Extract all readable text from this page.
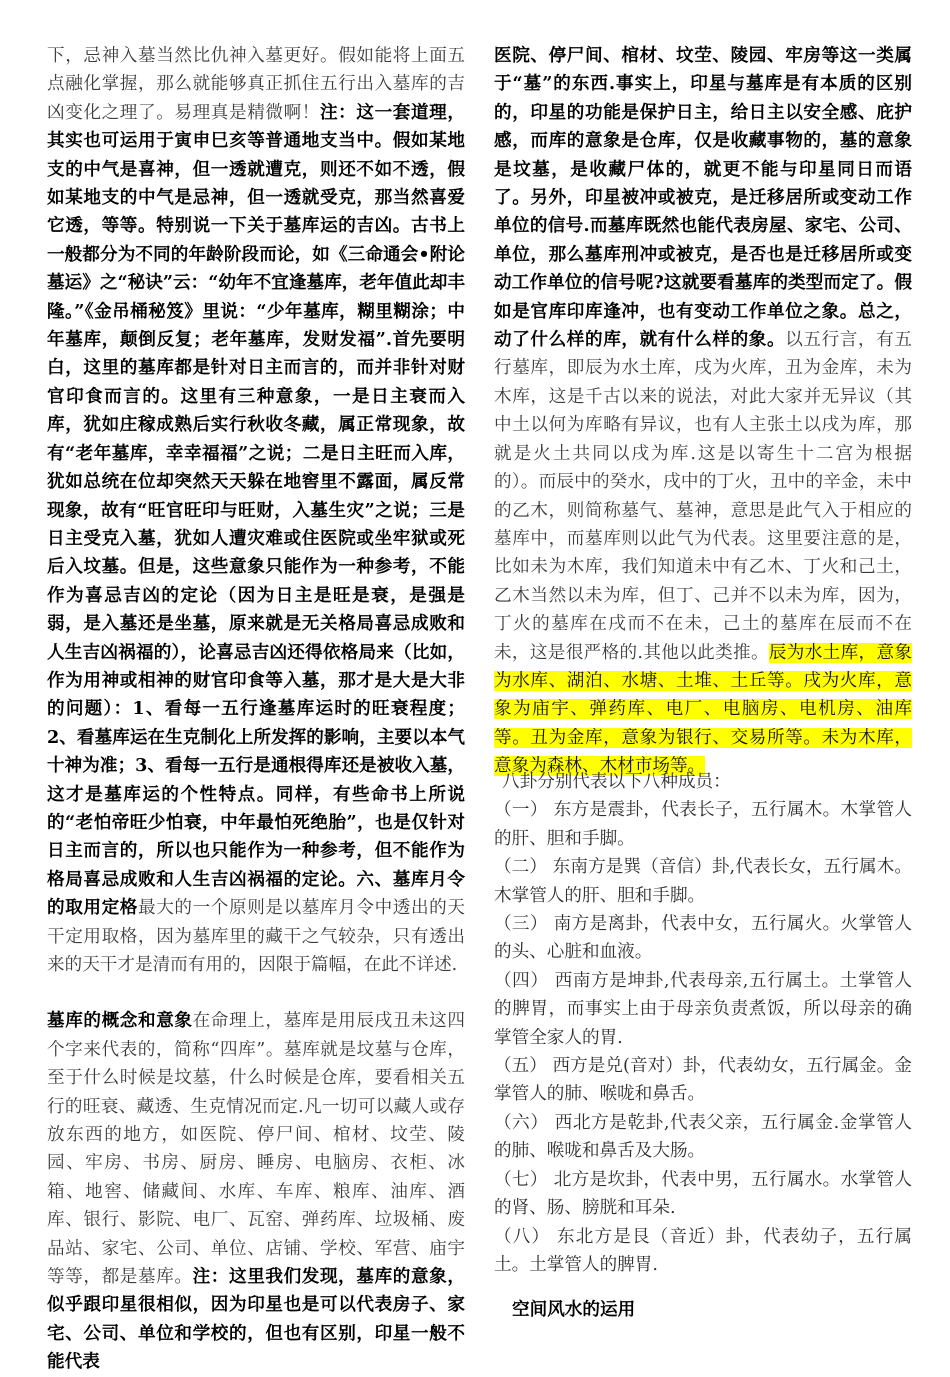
下，忌神入墓当然比仇神入墓更好。假如能将上面五点融化掌握，那么就能够真正抓住五行出入墓库的吉凶变化之理了。易理真是精微啊！注：这一套道理，其实也可运用于寅申巳亥等普通地支当中。假如某地支的中气是喜神，但一透就遭克，则还不如不透，假如某地支的中气是忌神，但一透就受克，那当然喜爱它透，等等。特别说一下关于墓库运的吉凶。古书上一般都分为不同的年龄阶段而论，如《三命通会•附论墓运》之“秘诀”云：“幼年不宜逢墓库，老年值此却丰隆。”《金吊桶秘笈》里说：“少年墓库，糊里糊涂；中年墓库，颠倒反复；老年墓库，发财发福”.首先要明白，这里的墓库都是针对日主而言的，而并非针对财官印食而言的。这里有三种意象，一是日主衰而入库，犹如庄稼成熟后实行秋收冬藏，属正常现象，故有“老年墓库，幸幸福福”之说；二是日主旺而入库，犹如总统在位却突然天天躲在地窖里不露面，属反常现象，故有“旺官旺印与旺财，入墓生灾”之说；三是日主受克入墓，犹如人遭灾难或住医院或坐牢狱或死后入坟墓。但是，这些意象只能作为一种参考，不能作为喜忌吉凶的定论（因为日主是旺是衰，是强是弱，是入墓还是坐墓，原来就是无关格局喜忌成败和人生吉凶祸福的），论喜忌吉凶还得依格局来（比如，作为用神或相神的财官印食等入墓，那才是大是大非的问题）：1、看每一五行逢墓库运时的旺衰程度；2、看墓库运在生克制化上所发挥的影响，主要以本气十神为准；3、看每一五行是通根得库还是被收入墓，这才是墓库运的个性特点。同样，有些命书上所说的“老怕帝旺少怕衰，中年最怕死绝胎”，也是仅针对日主而言的，所以也只能作为一种参考，但不能作为格局喜忌成败和人生吉凶祸福的定论。六、墓库月令的取用定格最大的一个原则是以墓库月令中透出的天干定用取格，因为墓库里的藏干之气较杂，只有透出来的天干才是清而有用的，因限于篇幅，在此不详述.

墓库的概念和意象在命理上，墓库是用辰戌丑未这四个字来代表的，简称“四库”。墓库就是坟墓与仓库，至于什么时候是坟墓，什么时候是仓库，要看相关五行的旺衰、藏透、生克情况而定.凡一切可以藏人或存放东西的地方，如医院、停尸间、棺材、坟茔、陵园、牢房、书房、厨房、睡房、电脑房、衣柜、冰箱、地窖、储藏间、水库、车库、粮库、油库、酒库、银行、影院、电厂、瓦窑、弹药库、垃圾桶、废品站、家宅、公司、单位、店铺、学校、军营、庙宇等等，都是墓库。注：这里我们发现，墓库的意象，似乎跟印星很相似，因为印星也是可以代表房子、家宅、公司、单位和学校的，但也有区别，印星一般不能代表

医院、停尸间、棺材、坟茔、陵园、牢房等这一类属于“墓”的东西.事实上，印星与墓库是有本质的区别的，印星的功能是保护日主，给日主以安全感、庇护感，而库的意象是仓库，仅是收藏事物的，墓的意象是坟墓，是收藏尸体的，就更不能与印星同日而语了。另外，印星被冲或被克，是迁移居所或变动工作单位的信号.而墓库既然也能代表房屋、家宅、公司、单位，那么墓库刑冲或被克，是否也是迁移居所或变动工作单位的信号呢?这就要看墓库的类型而定了。假如是官库印库逢冲，也有变动工作单位之象。总之，动了什么样的库，就有什么样的象。以五行言，有五行墓库，即辰为水土库，戌为火库，丑为金库，未为木库，这是千古以来的说法，对此大家并无异议（其中土以何为库略有异议，也有人主张土以戌为库，那就是火土共同以戌为库.这是以寄生十二宫为根据的）。而辰中的癸水，戌中的丁火，丑中的辛金，未中的乙木，则简称墓气、墓神，意思是此气入于相应的墓库中，而墓库则以此气为代表。这里要注意的是，比如未为木库，我们知道未中有乙木、丁火和己土，乙木当然以未为库，但丁、己并不以未为库，因为，丁火的墓库在戌而不在未，己土的墓库在辰而不在未，这是很严格的.其他以此类推。辰为水土库，意象为水库、湖泊、水塘、土堆、土丘等。戌为火库，意象为庙宇、弹药库、电厂、电脑房、电机房、油库等。丑为金库，意象为银行、交易所等。未为木库，意象为森林、木材市场等。

八卦分别代表以下八种成员：

（一） 东方是震卦，代表长子，五行属木。木掌管人的肝、胆和手脚。

（二） 东南方是巽（音信）卦,代表长女，五行属木。木掌管人的肝、胆和手脚。

（三） 南方是离卦，代表中女，五行属火。火掌管人的头、心脏和血液。

（四） 西南方是坤卦,代表母亲,五行属土。土掌管人的脾胃，而事实上由于母亲负责煮饭，所以母亲的确掌管全家人的胃.

（五） 西方是兑(音对）卦，代表幼女，五行属金。金掌管人的肺、喉咙和鼻舌。

（六） 西北方是乾卦,代表父亲，五行属金.金掌管人的肺、喉咙和鼻舌及大肠。

（七） 北方是坎卦，代表中男，五行属水。水掌管人的肾、肠、膀胱和耳朵.

（八） 东北方是艮（音近）卦，代表幼子，五行属土。土掌管人的脾胃.

空间风水的运用
